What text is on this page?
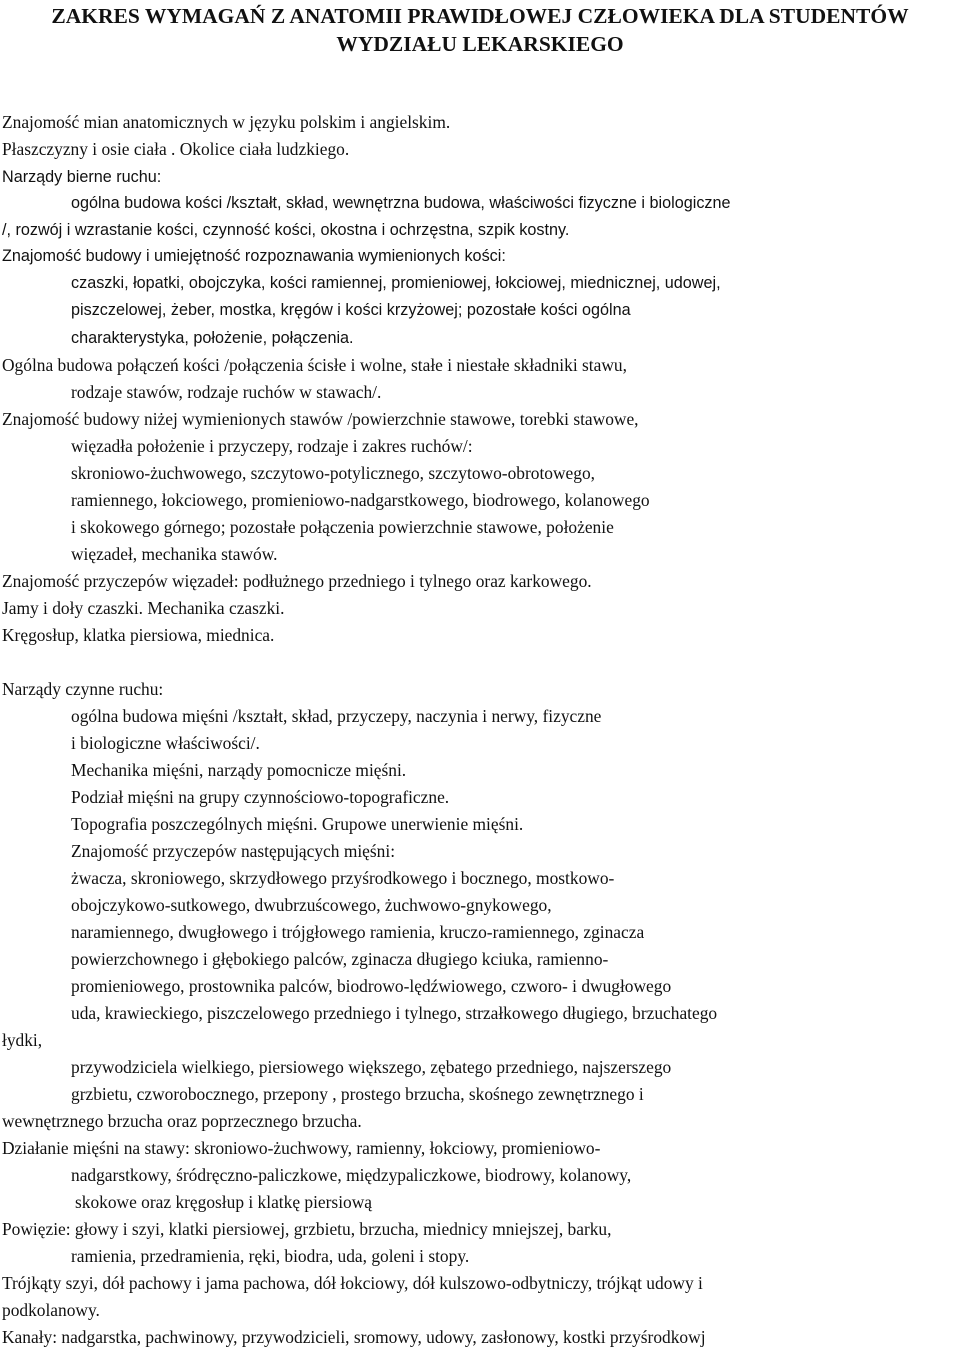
ZAKRES WYMAGAŃ Z ANATOMII PRAWIDŁOWEJ CZŁOWIEKA DLA STUDENTÓW
WYDZIAŁU LEKARSKIEGO
Znajomość mian anatomicznych w języku polskim i angielskim.
Płaszczyzny i osie ciała . Okolice ciała ludzkiego.
Narządy bierne ruchu:
ogólna budowa kości /kształt, skład, wewnętrzna budowa, właściwości fizyczne i biologiczne
/, rozwój i wzrastanie kości, czynność kości, okostna i ochrzęstna, szpik kostny.
Znajomość budowy i umiejętność rozpoznawania wymienionych kości:
czaszki, łopatki, obojczyka, kości ramiennej, promieniowej, łokciowej, miednicznej, udowej,
piszczelowej, żeber, mostka, kręgów i kości krzyżowej; pozostałe kości ogólna
charakterystyka, położenie, połączenia.
Ogólna budowa połączeń kości /połączenia ścisłe i wolne, stałe i niestałe składniki stawu,
rodzaje stawów, rodzaje ruchów w stawach/.
Znajomość budowy niżej wymienionych stawów /powierzchnie stawowe, torebki stawowe,
więzadła położenie i przyczepy, rodzaje i zakres ruchów/:
skroniowo-żuchwowego, szczytowo-potylicznego, szczytowo-obrotowego,
ramiennego, łokciowego, promieniowo-nadgarstkowego, biodrowego, kolanowego
i skokowego górnego; pozostałe połączenia powierzchnie stawowe, położenie
więzadeł, mechanika stawów.
Znajomość przyczepów więzadeł: podłużnego przedniego i tylnego oraz karkowego.
Jamy i doły czaszki. Mechanika czaszki.
Kręgosłup, klatka piersiowa, miednica.
Narządy czynne ruchu:
ogólna budowa mięśni /kształt, skład, przyczepy, naczynia i nerwy, fizyczne
i biologiczne właściwości/.
Mechanika mięśni, narządy pomocnicze mięśni.
Podział mięśni na grupy czynnościowo-topograficzne.
Topografia poszczególnych mięśni. Grupowe unerwienie mięśni.
Znajomość przyczepów następujących mięśni:
żwacza, skroniowego, skrzydłowego przyśrodkowego i bocznego, mostkowo-
obojczykowo-sutkowego, dwubrzuścowego, żuchwowo-gnykowego,
naramiennego, dwugłowego i trójgłowego ramienia, kruczo-ramiennego, zginacza
powierzchownego i głębokiego palców, zginacza długiego kciuka, ramienno-
promieniowego, prostownika palców, biodrowo-lędźwiowego, czworo- i dwugłowego
uda, krawieckiego, piszczelowego przedniego i tylnego, strzałkowego długiego, brzuchatego
łydki,
przywodziciela wielkiego, piersiowego większego, zębatego przedniego, najszerszego
grzbietu, czworobocznego, przepony , prostego brzucha, skośnego zewnętrznego i
wewnętrznego brzucha oraz poprzecznego brzucha.
Działanie mięśni na stawy: skroniowo-żuchwowy, ramienny, łokciowy, promieniowo-
nadgarstkowy, śródręczno-paliczkowe, międzypaliczkowe, biodrowy, kolanowy,
skokowe oraz kręgosłup i klatkę piersiową
Powięzie: głowy i szyi, klatki piersiowej, grzbietu, brzucha, miednicy mniejszej, barku,
ramienia, przedramienia, ręki, biodra, uda, goleni i stopy.
Trójkąty szyi, dół pachowy i jama pachowa, dół łokciowy, dół kulszowo-odbytniczy, trójkąt udowy i
podkolanowy.
Kanały: nadgarstka, pachwinowy, przywodzicieli, sromowy, udowy, zasłonowy, kostki przyśrodkowj
